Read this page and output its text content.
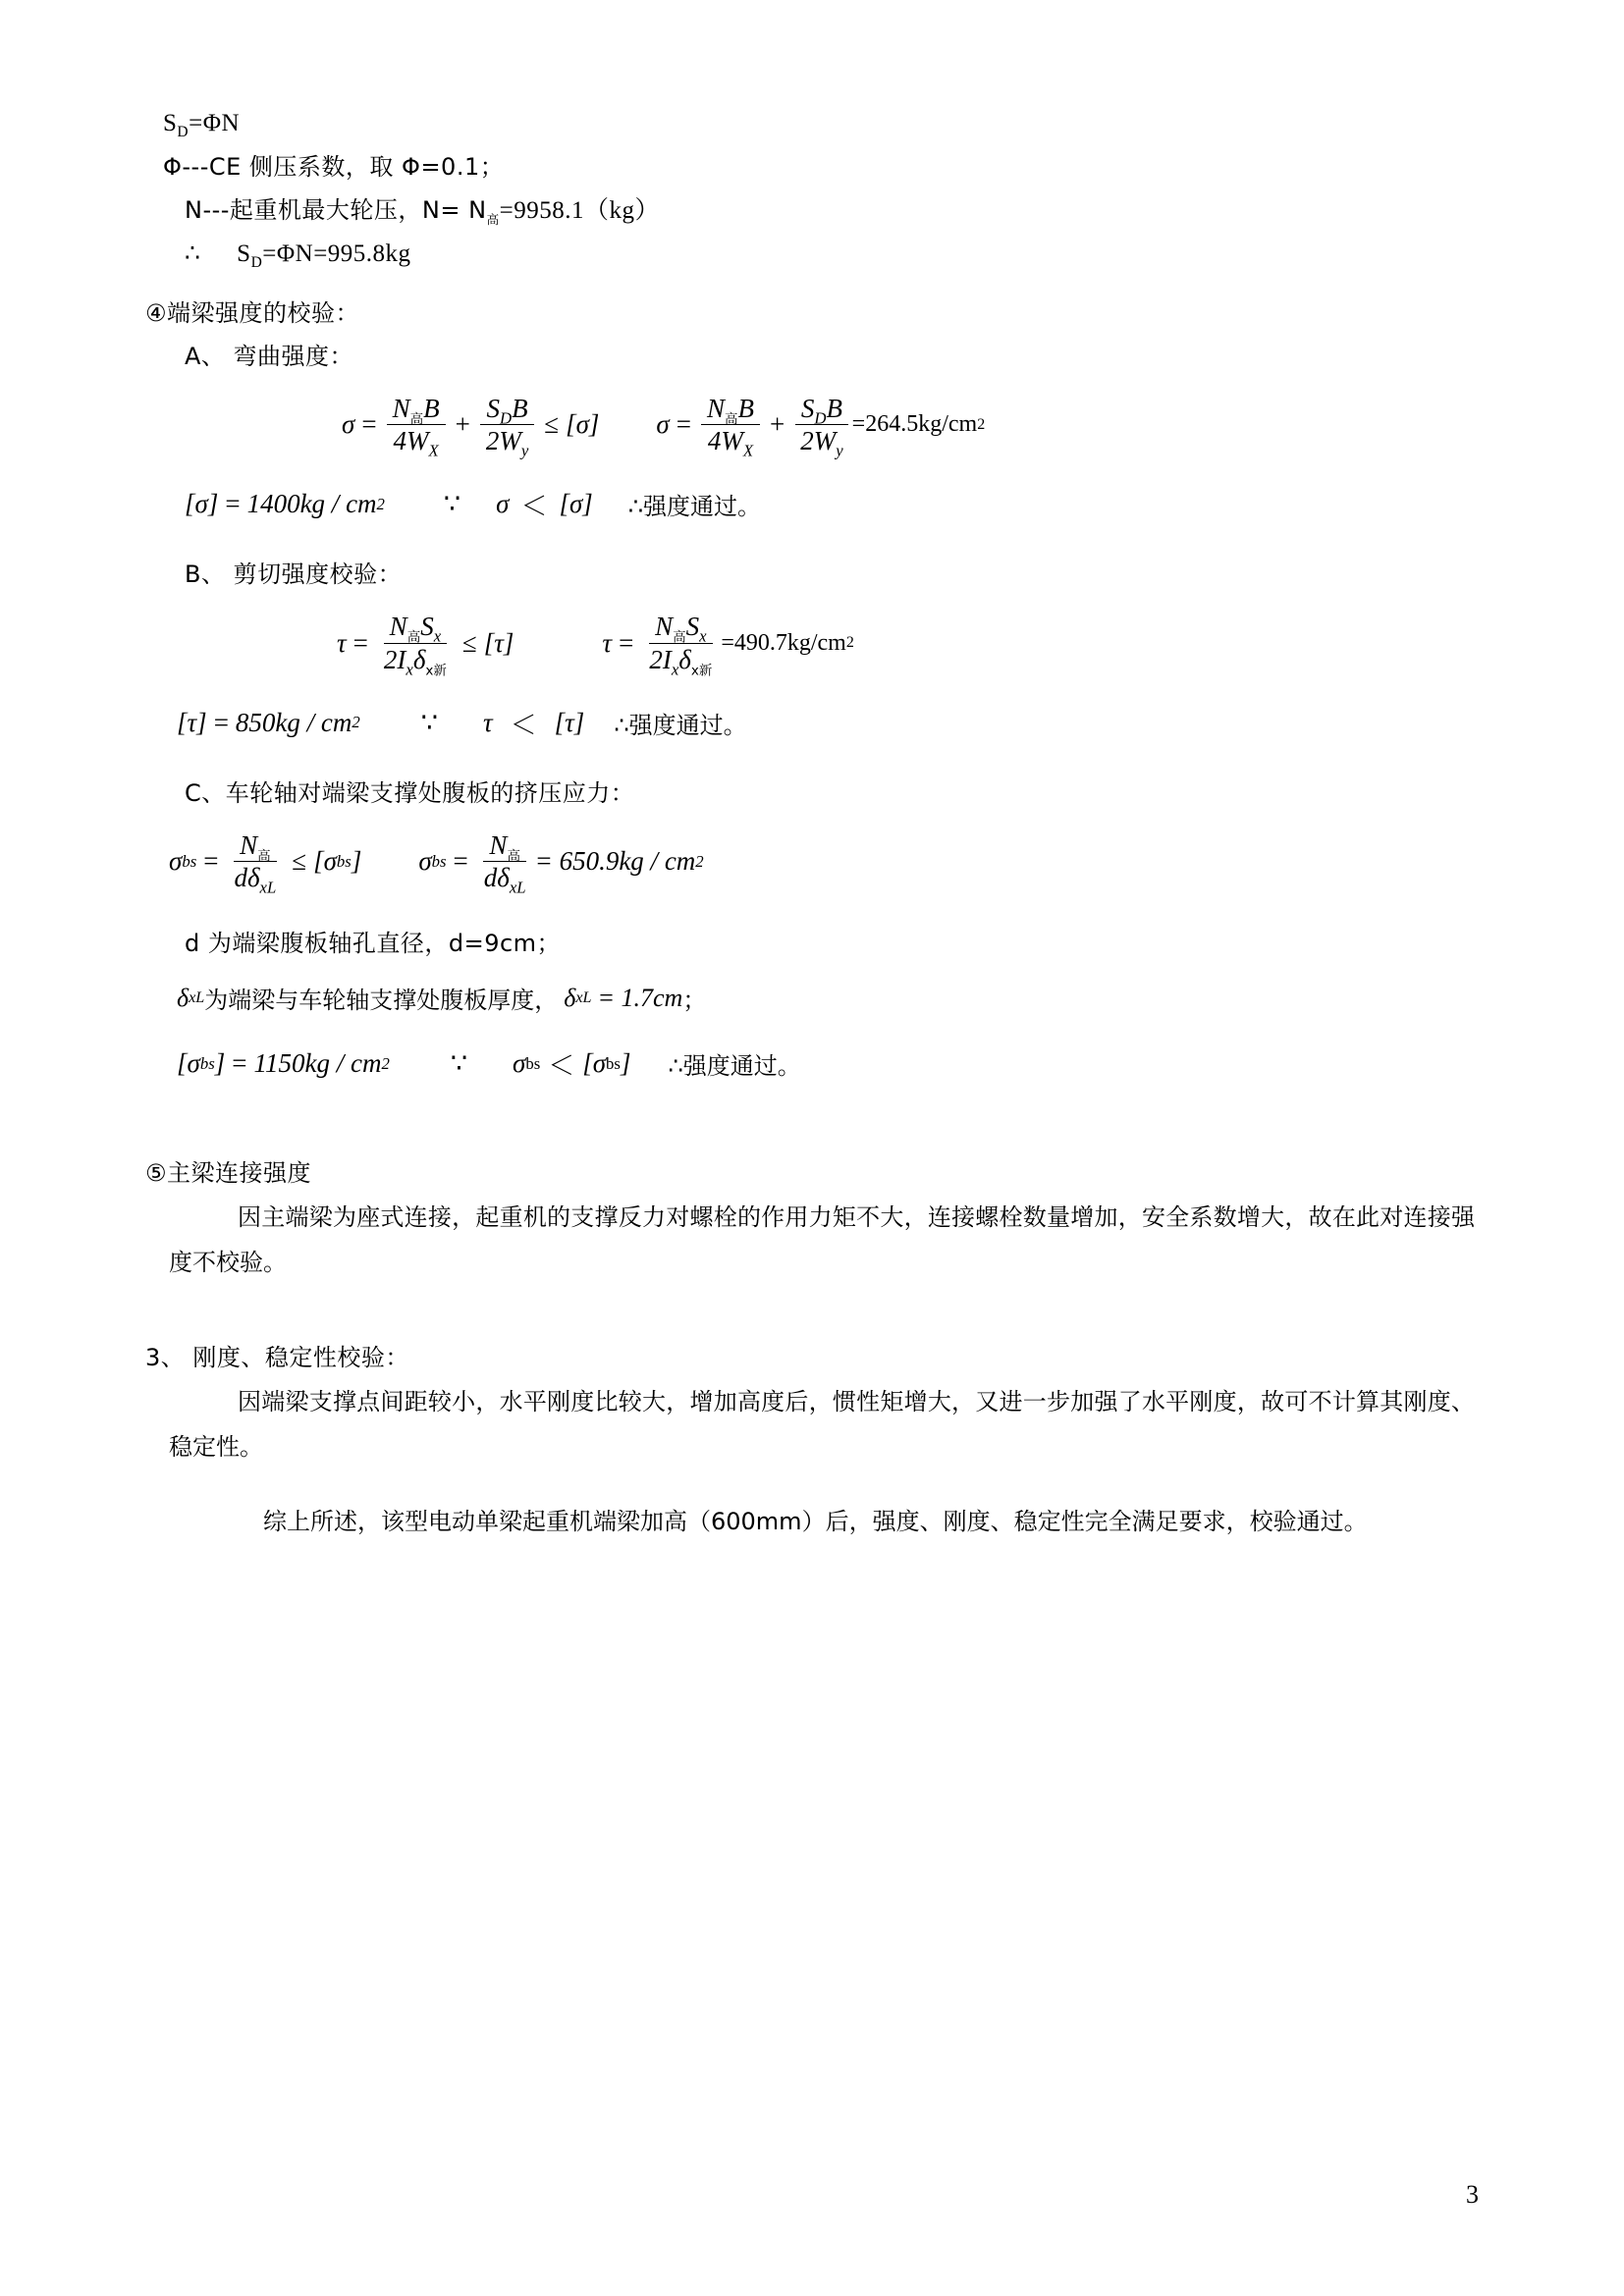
$S_D=\Phi N$
Φ---CE 侧压系数，取 Φ=0.1；
N---起重机最大轮压，$N= N_高=9958.1(kg)$
∴ $S_D=\Phi N=995.8kg$
④端梁强度的校验：
A、 弯曲强度：
$\sigma = \frac{N_高B}{4W_X} + \frac{S_DB}{2W_y} \le [\sigma] \sigma = \frac{N_高B}{4W_X} + \frac{S_DB}{2W_y} =264.5kg/cm$ 2
[σ] = 1400 kg / cm 2 ∵ σ ＜ [σ] ∴强度通过。
B、 剪切强度校验：
$\tau = \frac{N_高S_x}{2I_x\delta_{x新}} \le [\tau]$	$\tau = \frac{N_高S_x}{2I_x\delta_{x新}} =490.7kg/cm$ 2
[τ] = 850 kg / cm 2 ∵ τ ＜ [τ] ∴强度通过。
C、车轮轴对端梁支撑处腹板的挤压应力：
σ bs = $\frac{N_高}{d\delta_{xL}} \le [\sigma$ bs ] σ bs = $\frac{N_高}{d\delta_{xL}} = 650.9$ kg / cm 2
d 为端梁腹板轴孔直径，d=9cm；
δ xL 为端梁与车轮轴支撑处腹板厚度， δ xL = 1.7 cm ；
[σ bs ] = 1150 kg / cm 2 ∵ σ bs ＜ [σ bs ] ∴强度通过。
⑤主梁连接强度
因主端梁为座式连接，起重机的支撑反力对螺栓的作用力矩不大，连接螺栓数量增加，安全系数增大，故在此对连接强度不校验。
3、 刚度、稳定性校验：
因端梁支撑点间距较小，水平刚度比较大，增加高度后，惯性矩增大，又进一步加强了水平刚度，故可不计算其刚度、稳定性。
综上所述，该型电动单梁起重机端梁加高（600mm）后，强度、刚度、稳定性完全满足要求，校验通过。
3
